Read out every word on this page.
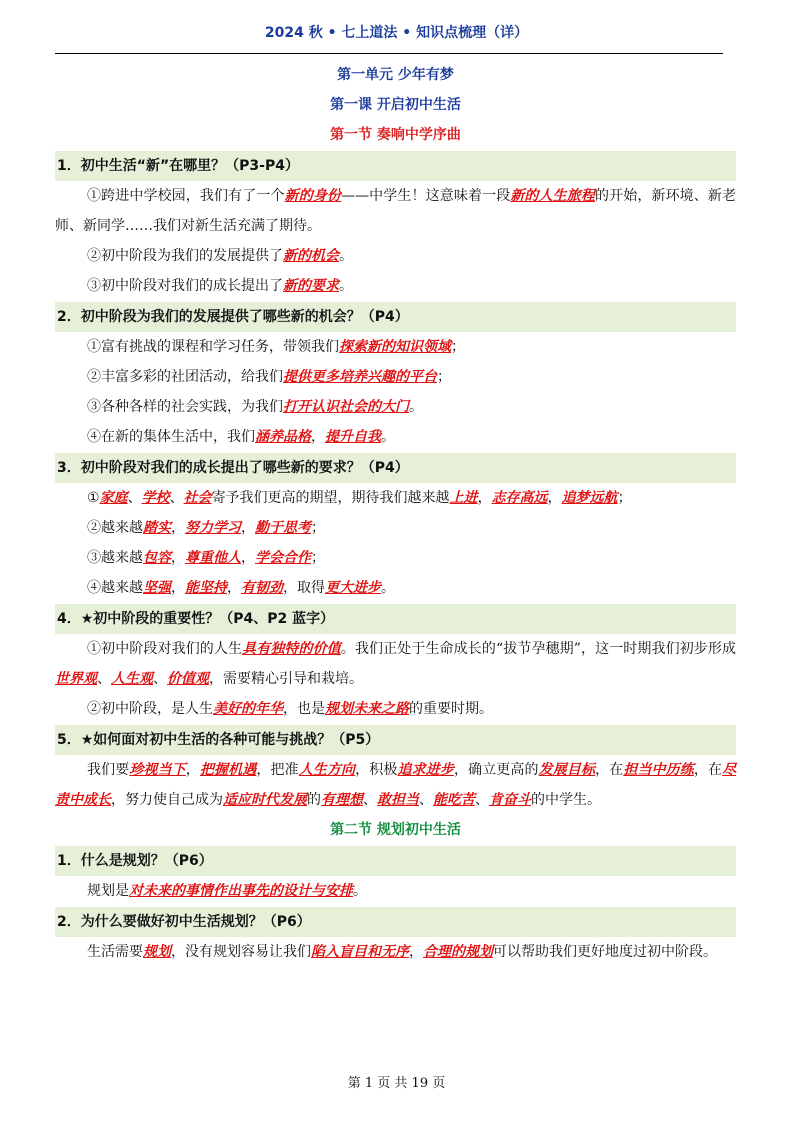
2024 秋 • 七上道法 • 知识点梳理（详）
第一单元 少年有梦
第一课 开启初中生活
第一节 奏响中学序曲
1．初中生活“新”在哪里？（P3-P4）
①跨进中学校园，我们有了一个新的身份——中学生！这意味着一段新的人生旅程的开始，新环境、新老师、新同学……我们对新生活充满了期待。
②初中阶段为我们的发展提供了新的机会。
③初中阶段对我们的成长提出了新的要求。
2．初中阶段为我们的发展提供了哪些新的机会？（P4）
①富有挑战的课程和学习任务，带领我们探索新的知识领域；
②丰富多彩的社团活动，给我们提供更多培养兴趣的平台；
③各种各样的社会实践，为我们打开认识社会的大门。
④在新的集体生活中，我们涵养品格，提升自我。
3．初中阶段对我们的成长提出了哪些新的要求？（P4）
①家庭、学校、社会寄予我们更高的期望，期待我们越来越上进，志存高远，追梦远航；
②越来越踏实，努力学习，勤于思考；
③越来越包容，尊重他人，学会合作；
④越来越坚强，能坚持，有韧劲，取得更大进步。
4．★初中阶段的重要性？（P4、P2 蓝字）
①初中阶段对我们的人生具有独特的价值。我们正处于生命成长的“拔节孕穗期”，这一时期我们初步形成世界观、人生观、价值观，需要精心引导和栽培。
②初中阶段，是人生美好的年华，也是规划未来之路的重要时期。
5．★如何面对初中生活的各种可能与挑战？（P5）
我们要珍视当下，把握机遇，把准人生方向，积极追求进步，确立更高的发展目标，在担当中历练，在尽责中成长，努力使自己成为适应时代发展的有理想、敢担当、能吃苦、肯奋斗的中学生。
第二节 规划初中生活
1．什么是规划？（P6）
规划是对未来的事情作出事先的设计与安排。
2．为什么要做好初中生活规划？（P6）
生活需要规划，没有规划容易让我们陷入盲目和无序，合理的规划可以帮助我们更好地度过初中阶段。
第 1 页 共 19 页
